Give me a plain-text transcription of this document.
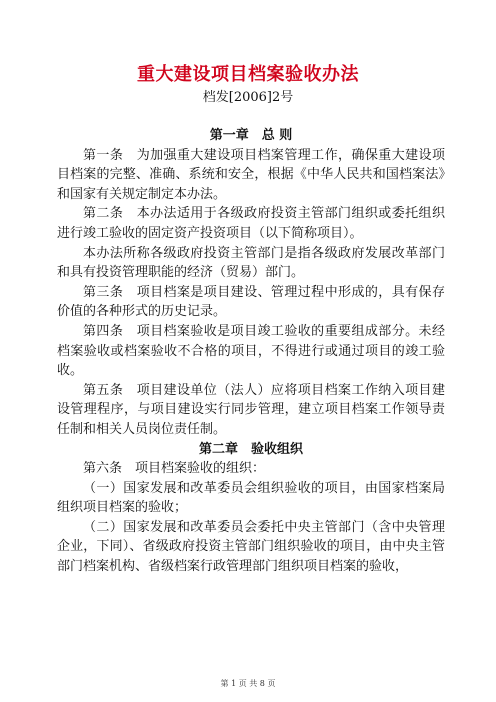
重大建设项目档案验收办法
档发[2006]2号

第一章　总 则

第一条　为加强重大建设项目档案管理工作，确保重大建设项目档案的完整、准确、系统和安全，根据《中华人民共和国档案法》和国家有关规定制定本办法。

第二条　本办法适用于各级政府投资主管部门组织或委托组织进行竣工验收的固定资产投资项目（以下简称项目）。

本办法所称各级政府投资主管部门是指各级政府发展改革部门和具有投资管理职能的经济（贸易）部门。

第三条　项目档案是项目建设、管理过程中形成的，具有保存价值的各种形式的历史记录。

第四条　项目档案验收是项目竣工验收的重要组成部分。未经档案验收或档案验收不合格的项目，不得进行或通过项目的竣工验收。

第五条　项目建设单位（法人）应将项目档案工作纳入项目建设管理程序，与项目建设实行同步管理，建立项目档案工作领导责任制和相关人员岗位责任制。

第二章　验收组织

第六条　项目档案验收的组织：

（一）国家发展和改革委员会组织验收的项目，由国家档案局组织项目档案的验收；

（二）国家发展和改革委员会委托中央主管部门（含中央管理企业，下同）、省级政府投资主管部门组织验收的项目，由中央主管部门档案机构、省级档案行政管理部门组织项目档案的验收，

第 1 页 共 8 页
